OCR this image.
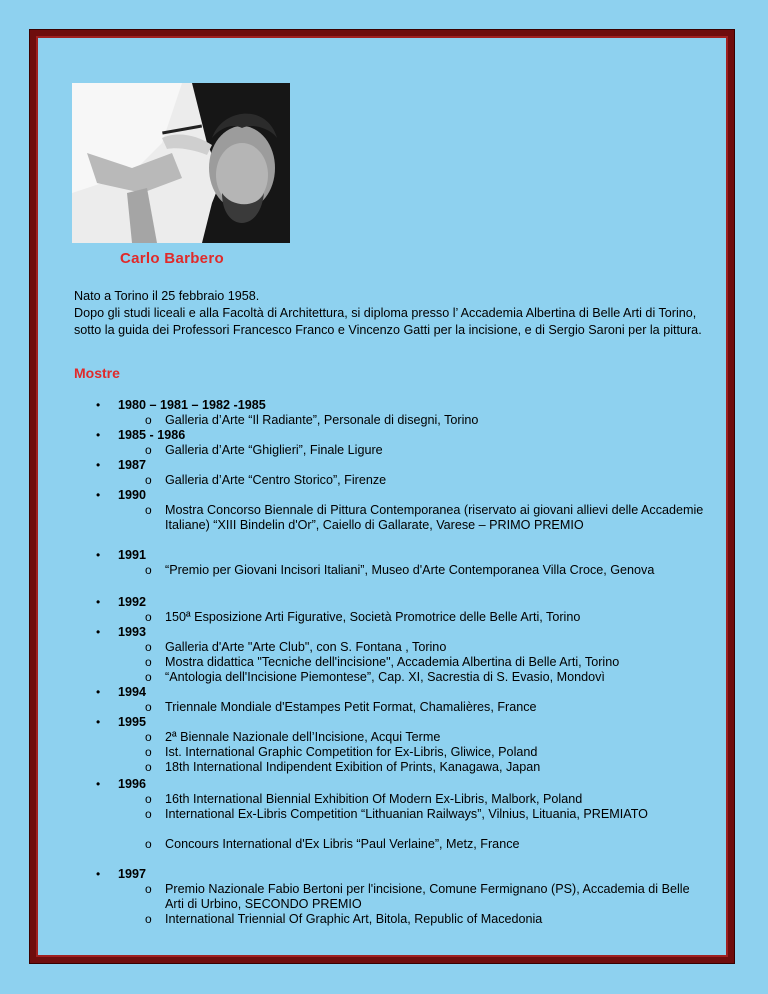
Carlo Barbero

Nato a Torino il 25 febbraio 1958.

Dopo gli studi liceali e alla Facoltà di Architettura, si diploma presso l’ Accademia Albertina di Belle Arti di Torino, sotto la guida dei Professori Francesco Franco e Vincenzo Gatti per la incisione, e di Sergio Saroni per la pittura.

Mostre
• 1980 – 1981 – 1982 -1985
o Galleria d’Arte “Il Radiante”, Personale di disegni, Torino
• 1985 - 1986
o Galleria d’Arte “Ghiglieri”, Finale Ligure
• 1987
o Galleria d’Arte “Centro Storico”, Firenze
• 1990
o Mostra Concorso Biennale di Pittura Contemporanea (riservato ai giovani allievi delle Accademie Italiane) “XIII Bindelin d'Or”, Caiello di Gallarate, Varese – PRIMO PREMIO
• 1991
o “Premio per Giovani Incisori Italiani”, Museo d'Arte Contemporanea Villa Croce, Genova
• 1992
o 150ª Esposizione Arti Figurative, Società Promotrice delle Belle Arti, Torino
• 1993
o Galleria d'Arte "Arte Club", con S. Fontana , Torino
o Mostra didattica "Tecniche dell'incisione", Accademia Albertina di Belle Arti, Torino
o “Antologia dell'Incisione Piemontese”, Cap. XI, Sacrestia di S. Evasio, Mondovì
• 1994
o Triennale Mondiale d'Estampes Petit Format, Chamalières, France
• 1995
o 2ª Biennale Nazionale dell’Incisione, Acqui Terme
o Ist. International Graphic Competition for Ex-Libris, Gliwice, Poland
o 18th International Indipendent Exibition of Prints, Kanagawa, Japan
• 1996
o 16th International Biennial Exhibition Of Modern Ex-Libris, Malbork, Poland
o International Ex-Libris Competition “Lithuanian Railways”, Vilnius, Lituania, PREMIATO
o Concours International d'Ex Libris “Paul Verlaine”, Metz, France
• 1997
o Premio Nazionale Fabio Bertoni per l'incisione, Comune Fermignano (PS), Accademia di Belle Arti di Urbino, SECONDO PREMIO
o International Triennial Of Graphic Art, Bitola, Republic of Macedonia
